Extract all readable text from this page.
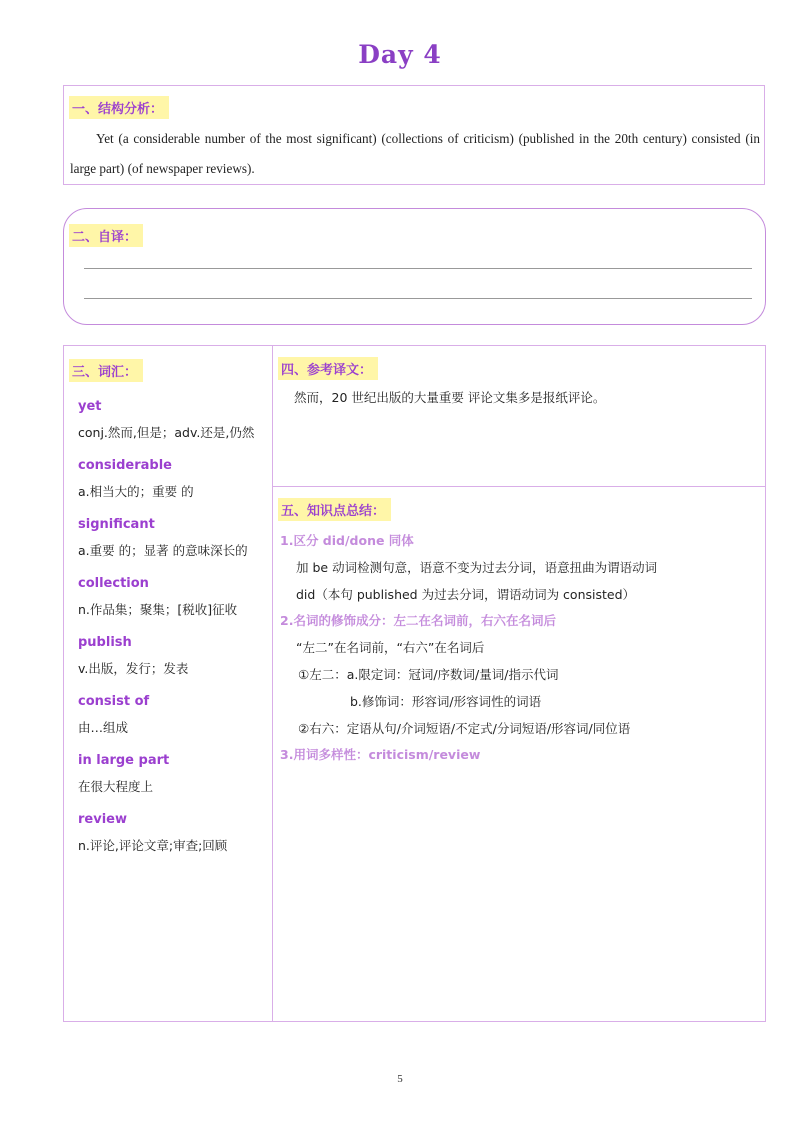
Day 4
一、结构分析：
Yet (a considerable number of the most significant) (collections of criticism) (published in the 20th century) consisted (in large part) (of newspaper reviews).
二、自译：
三、词汇：
yet
conj.然而,但是；adv.还是,仍然
considerable
a.相当大的；重要 的
significant
a.重要 的；显著 的意味深长的
collection
n.作品集；聚集；[税收]征收
publish
v.出版，发行；发表
consist of
由…组成
in large part
在很大程度上
review
n.评论,评论文章;审查;回顾
四、参考译文：
然而，20 世纪出版的大量重要 评论文集多是报纸评论。
五、知识点总结：
1.区分 did/done 同体
加 be 动词检测句意，语意不变为过去分词，语意扭曲为谓语动词
did（本句 published 为过去分词，谓语动词为 consisted）
2.名词的修饰成分：左二在名词前，右六在名词后
“左二”在名词前，“右六”在名词后
①左二：a.限定词：冠词/序数词/量词/指示代词
b.修饰词：形容词/形容词性的词语
②右六：定语从句/介词短语/不定式/分词短语/形容词/同位语
3.用词多样性：criticism/review
5
